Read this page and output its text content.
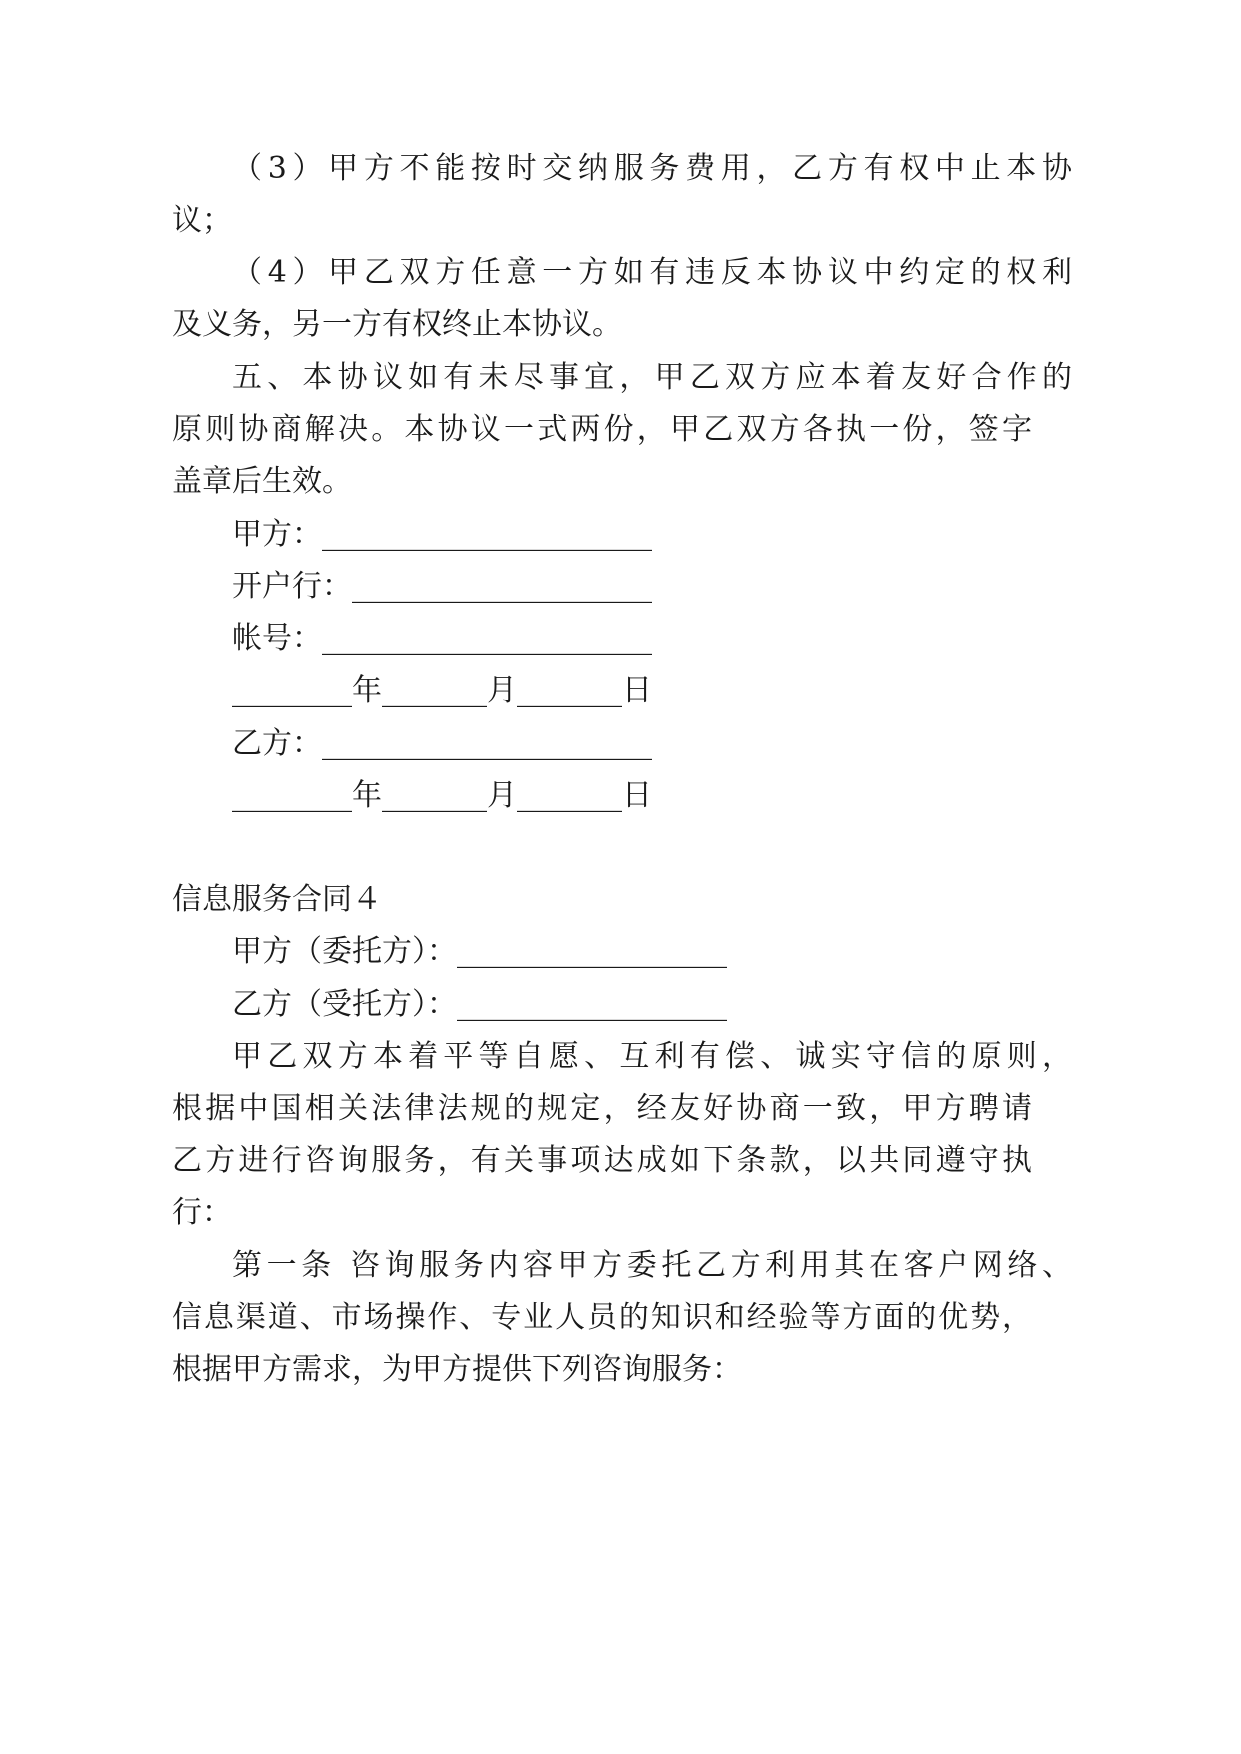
（3）甲方不能按时交纳服务费用，乙方有权中止本协

议；

（4）甲乙双方任意一方如有违反本协议中约定的权利

及义务，另一方有权终止本协议。

五、本协议如有未尽事宜，甲乙双方应本着友好合作的

原则协商解决。本协议一式两份，甲乙双方各执一份，签字

盖章后生效。

甲方：______________________

开户行：____________________

帐号：______________________

________年_______月_______日

乙方：______________________

________年_______月_______日

信息服务合同４

甲方（委托方）：__________________

乙方（受托方）：__________________

甲乙双方本着平等自愿、互利有偿、诚实守信的原则，

根据中国相关法律法规的规定，经友好协商一致，甲方聘请

乙方进行咨询服务，有关事项达成如下条款，以共同遵守执

行：

第一条 咨询服务内容甲方委托乙方利用其在客户网络、

信息渠道、市场操作、专业人员的知识和经验等方面的优势，

根据甲方需求，为甲方提供下列咨询服务：
